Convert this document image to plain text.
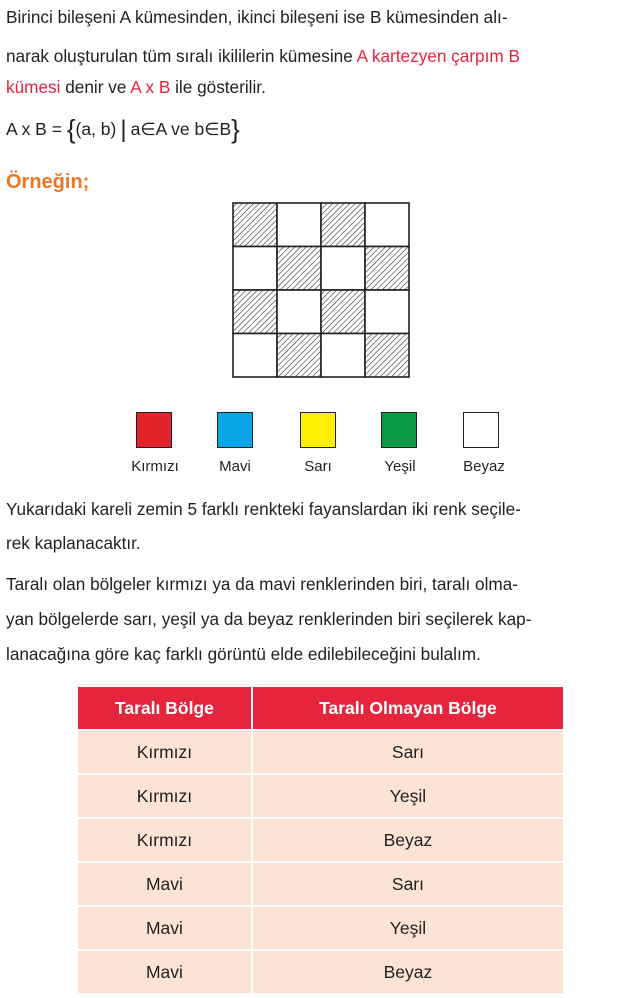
Birinci bileşeni A kümesinden, ikinci bileşeni ise B kümesinden alı-

narak oluşturulan tüm sıralı ikililerin kümesine A kartezyen çarpım B

kümesi denir ve A x B ile gösterilir.

A x B = {(a, b) | a∈A ve b∈B}
Örneğin;
Kırmızı	Mavi	Sarı	Yeşil	Beyaz

Yukarıdaki kareli zemin 5 farklı renkteki fayanslardan iki renk seçile-

rek kaplanacaktır.

Taralı olan bölgeler kırmızı ya da mavi renklerinden biri, taralı olma-

yan bölgelerde sarı, yeşil ya da beyaz renklerinden biri seçilerek kap-

lanacağına göre kaç farklı görüntü elde edilebileceğini bulalım.

Taralı Bölge	Taralı Olmayan Bölge
Kırmızı	Sarı
Kırmızı	Yeşil
Kırmızı	Beyaz
Mavi	Sarı
Mavi	Yeşil
Mavi	Beyaz
